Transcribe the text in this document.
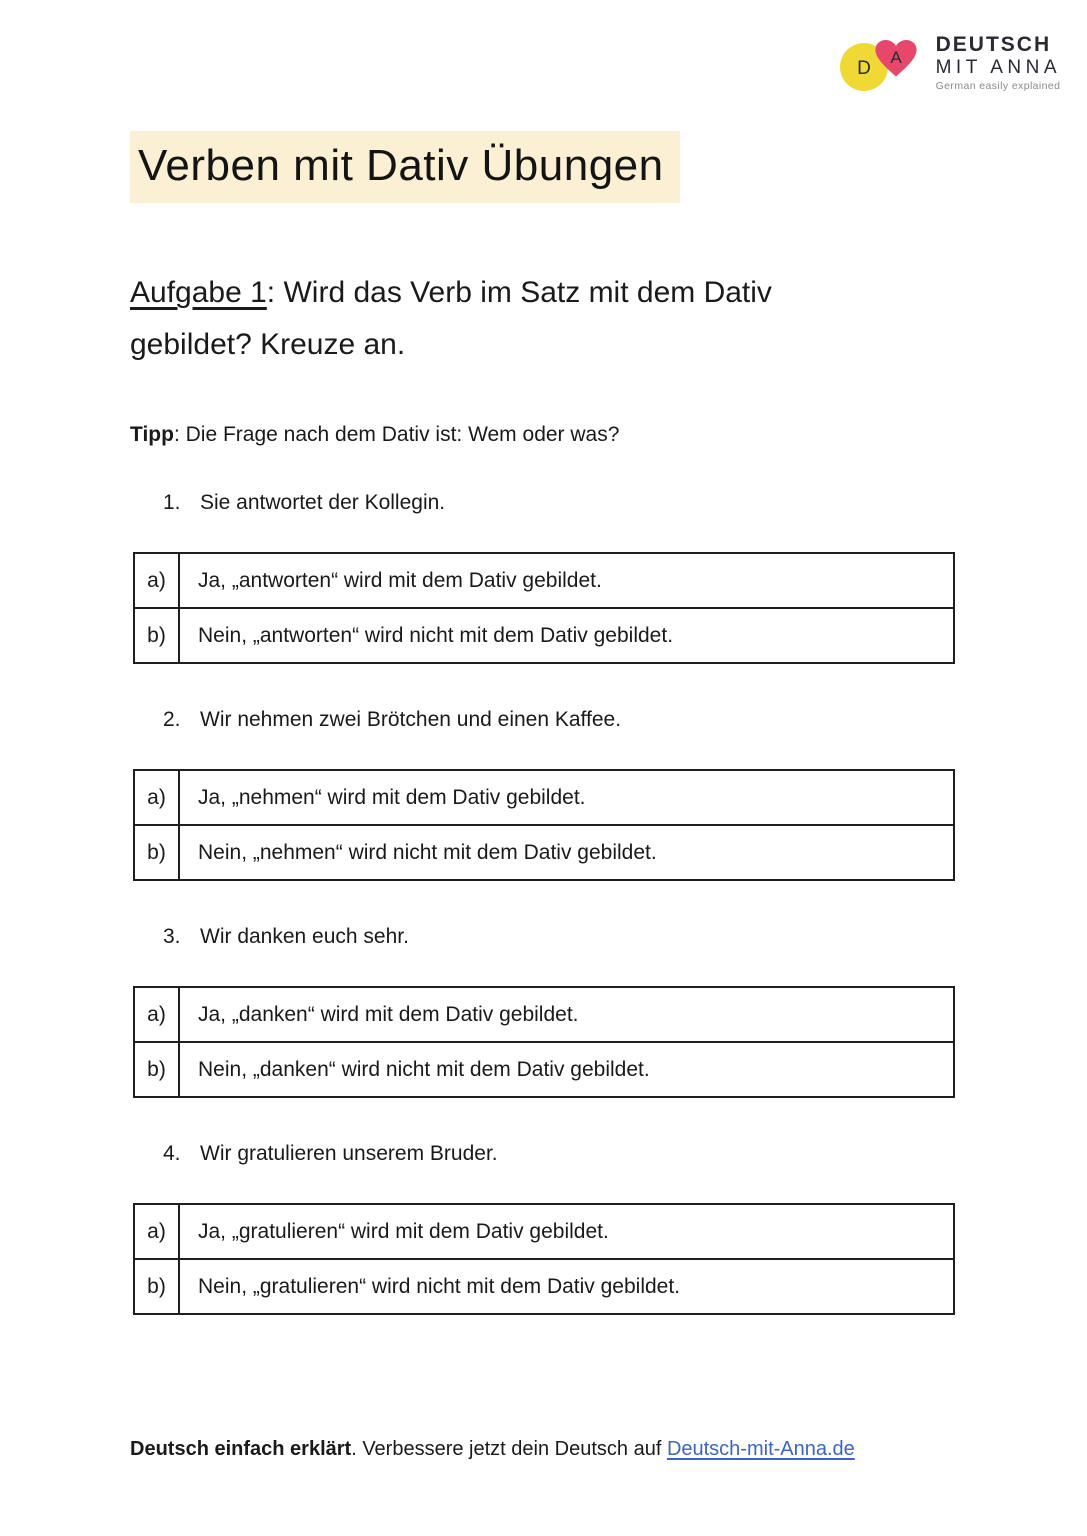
D
A
DEUTSCH
MIT ANNA
German easily explained
Verben mit Dativ Übungen
Aufgabe 1: Wird das Verb im Satz mit dem Dativ gebildet? Kreuze an.

Tipp: Die Frage nach dem Dativ ist: Wem oder was?

1. Sie antwortet der Kollegin.
a)	Ja, „antworten“ wird mit dem Dativ gebildet.
b)	Nein, „antworten“ wird nicht mit dem Dativ gebildet.
2. Wir nehmen zwei Brötchen und einen Kaffee.
a)	Ja, „nehmen“ wird mit dem Dativ gebildet.
b)	Nein, „nehmen“ wird nicht mit dem Dativ gebildet.
3. Wir danken euch sehr.
a)	Ja, „danken“ wird mit dem Dativ gebildet.
b)	Nein, „danken“ wird nicht mit dem Dativ gebildet.
4. Wir gratulieren unserem Bruder.
a)	Ja, „gratulieren“ wird mit dem Dativ gebildet.
b)	Nein, „gratulieren“ wird nicht mit dem Dativ gebildet.

Deutsch einfach erklärt. Verbessere jetzt dein Deutsch auf Deutsch-mit-Anna.de
